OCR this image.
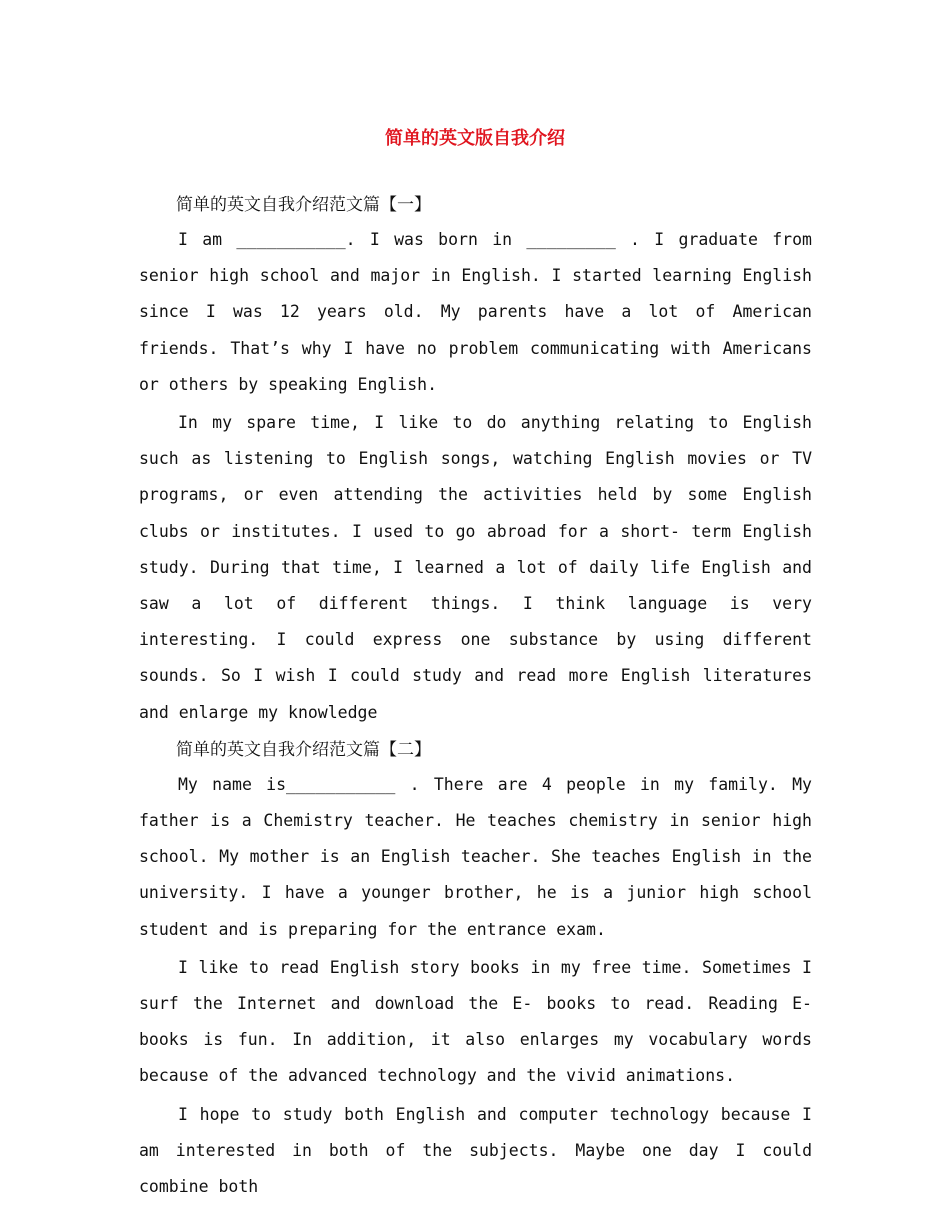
简单的英文版自我介绍
简单的英文自我介绍范文篇【一】

I am ___________. I was born in _________ . I graduate from senior high school and major in English. I started learning English since I was 12 years old. My parents have a lot of American friends. That’s why I have no problem communicating with Americans or others by speaking English.

In my spare time, I like to do anything relating to English such as listening to English songs, watching English movies or TV programs, or even attending the activities held by some English clubs or institutes. I used to go abroad for a short- term English study. During that time, I learned a lot of daily life English and saw a lot of different things. I think language is very interesting. I could express one substance by using different sounds. So I wish I could study and read more English literatures and enlarge my knowledge

简单的英文自我介绍范文篇【二】

My name is___________ . There are 4 people in my family. My father is a Chemistry teacher. He teaches chemistry in senior high school. My mother is an English teacher. She teaches English in the university. I have a younger brother, he is a junior high school student and is preparing for the entrance exam.

I like to read English story books in my free time. Sometimes I surf the Internet and download the E- books to read. Reading E- books is fun. In addition, it also enlarges my vocabulary words because of the advanced technology and the vivid animations.

I hope to study both English and computer technology because I am interested in both of the subjects. Maybe one day I could combine both
